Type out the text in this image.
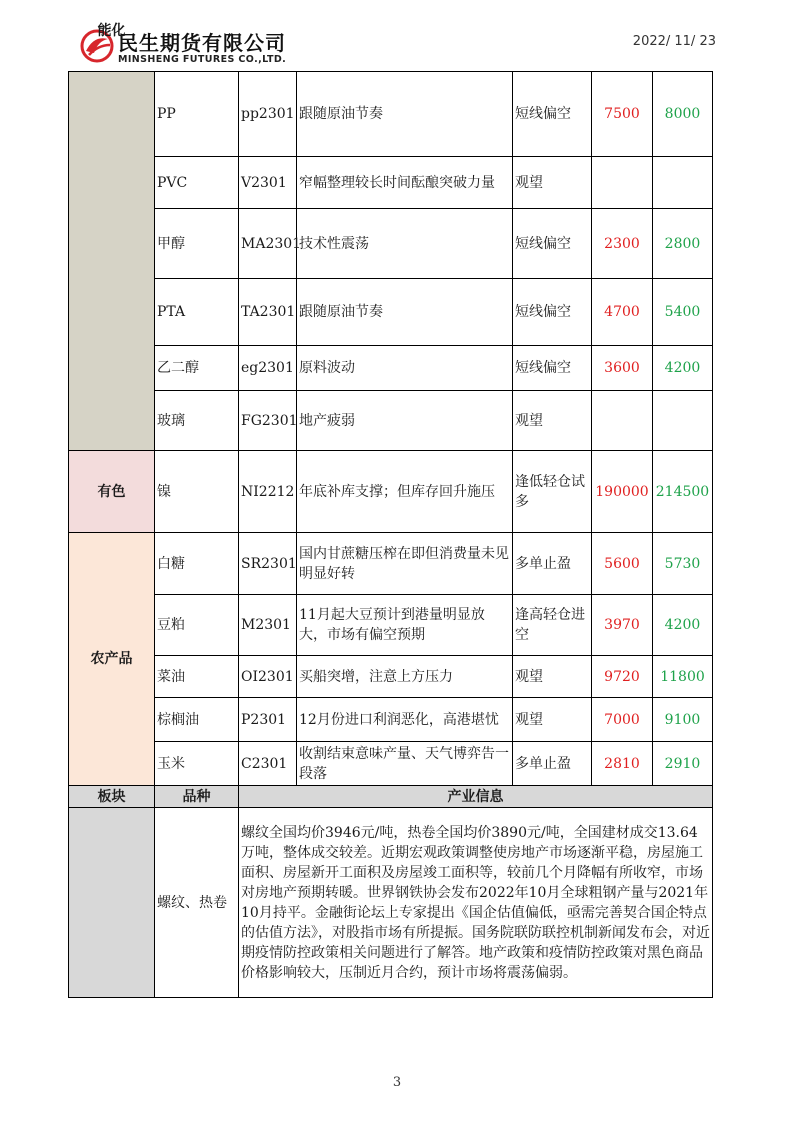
民生期货有限公司
MINSHENG FUTURES CO.,LTD.
2022/ 11/ 23
能化	PP	pp2301	跟随原油节奏	短线偏空	7500	8000
	PVC	V2301	窄幅整理较长时间酝酿突破力量	观望		
	甲醇	MA2301	技术性震荡	短线偏空	2300	2800
	PTA	TA2301	跟随原油节奏	短线偏空	4700	5400
	乙二醇	eg2301	原料波动	短线偏空	3600	4200
	玻璃	FG2301	地产疲弱	观望		
有色	镍	NI2212	年底补库支撑；但库存回升施压	逢低轻仓试多	190000	214500
农产品	白糖	SR2301	国内甘蔗糖压榨在即但消费量未见明显好转	多单止盈	5600	5730
	豆粕	M2301	11月起大豆预计到港量明显放大，市场有偏空预期	逢高轻仓进空	3970	4200
	菜油	OI2301	买船突增，注意上方压力	观望	9720	11800
	棕榈油	P2301	12月份进口利润恶化，高港堪忧	观望	7000	9100
	玉米	C2301	收割结束意味产量、天气博弈告一段落	多单止盈	2810	2910
板块	品种	产业信息				
	螺纹、热卷	螺纹全国均价3946元/吨，热卷全国均价3890元/吨，全国建材成交13.64万吨，整体成交较差。近期宏观政策调整使房地产市场逐渐平稳，房屋施工面积、房屋新开工面积及房屋竣工面积等，较前几个月降幅有所收窄，市场对房地产预期转暖。世界钢铁协会发布2022年10月全球粗钢产量与2021年10月持平。金融街论坛上专家提出《国企估值偏低，亟需完善契合国企特点的估值方法》，对股指市场有所提振。国务院联防联控机制新闻发布会，对近期疫情防控政策相关问题进行了解答。地产政策和疫情防控政策对黑色商品价格影响较大，压制近月合约，预计市场将震荡偏弱。				
3
